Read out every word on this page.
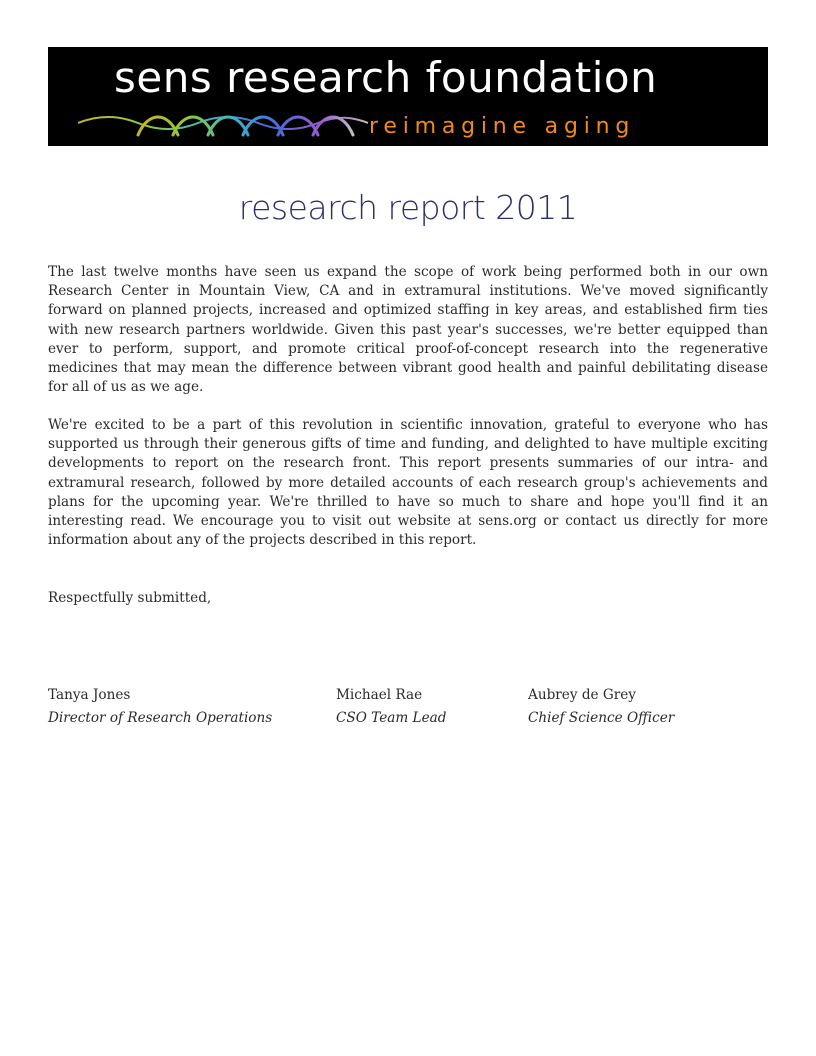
sens research foundation
reimagine aging
research report 2011

The last twelve months have seen us expand the scope of work being performed both in our own Research Center in Mountain View, CA and in extramural institutions. We've moved significantly forward on planned projects, increased and optimized staffing in key areas, and established firm ties with new research partners worldwide. Given this past year's successes, we're better equipped than ever to perform, support, and promote critical proof-of-concept research into the regenerative medicines that may mean the difference between vibrant good health and painful debilitating disease for all of us as we age.

We're excited to be a part of this revolution in scientific innovation, grateful to everyone who has supported us through their generous gifts of time and funding, and delighted to have multiple exciting developments to report on the research front. This report presents summaries of our intra- and extramural research, followed by more detailed accounts of each research group's achievements and plans for the upcoming year. We're thrilled to have so much to share and hope you'll find it an interesting read. We encourage you to visit out website at sens.org or contact us directly for more information about any of the projects described in this report.

Respectfully submitted,
Tanya Jones
Director of Research Operations
Michael Rae
CSO Team Lead
Aubrey de Grey
Chief Science Officer
